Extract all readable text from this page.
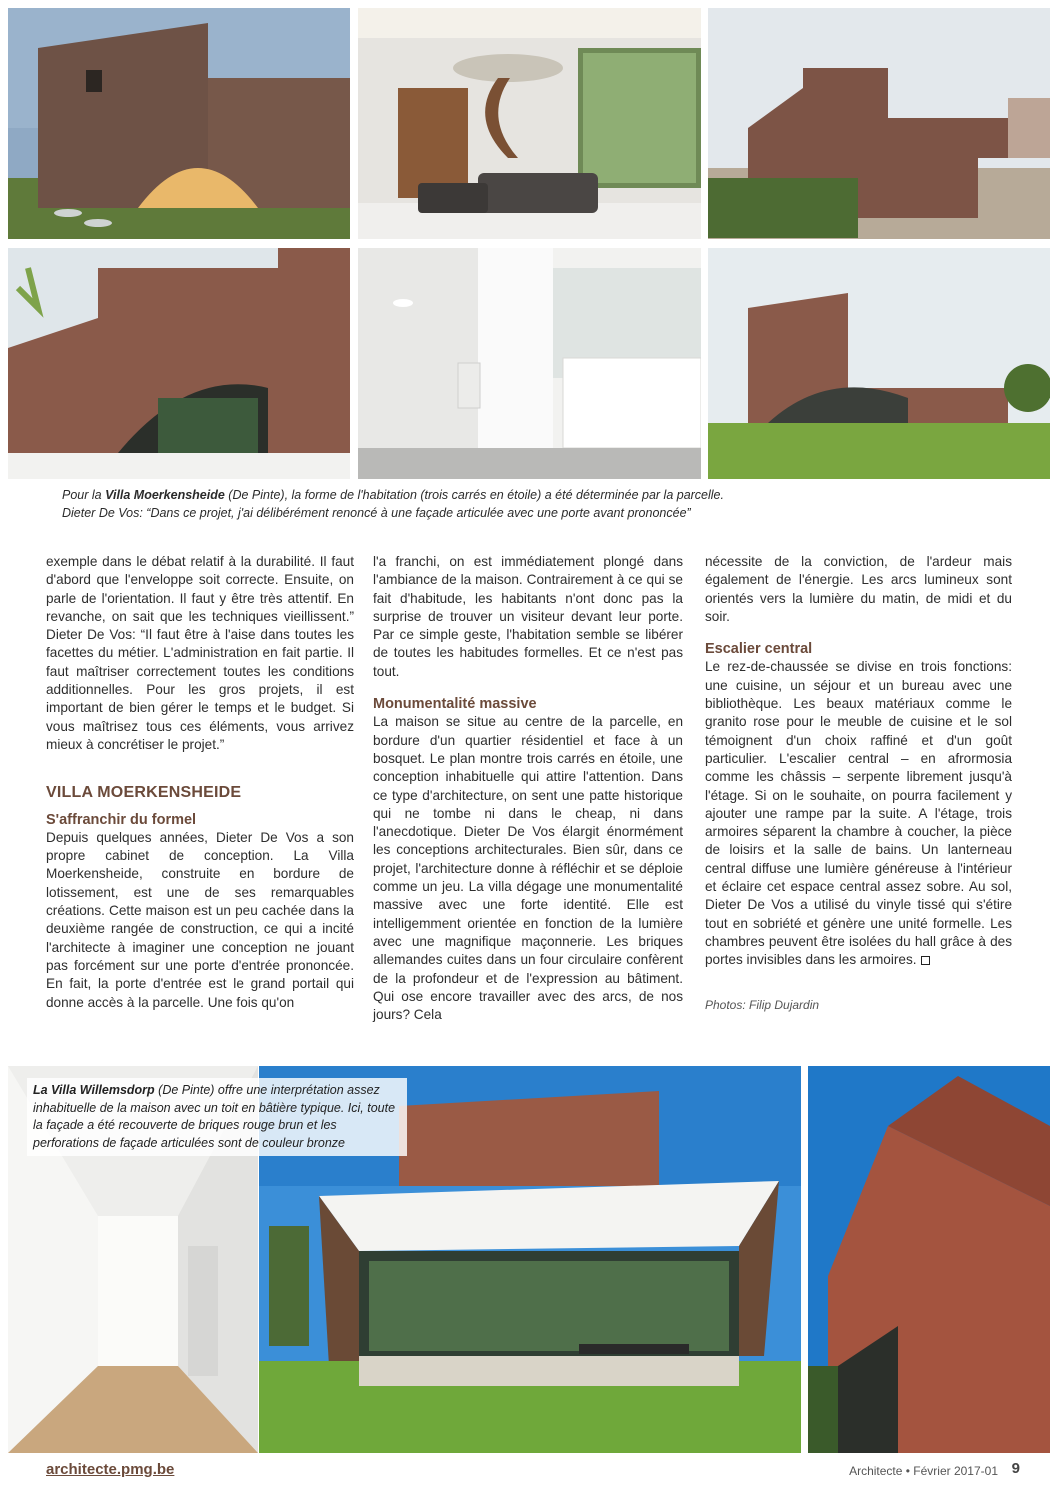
Pour la Villa Moerkensheide (De Pinte), la forme de l'habitation (trois carrés en étoile) a été déterminée par la parcelle.
Dieter De Vos: “Dans ce projet, j'ai délibérément renoncé à une façade articulée avec une porte avant prononcée”

exemple dans le débat relatif à la durabilité. Il faut d'abord que l'enveloppe soit correcte. Ensuite, on parle de l'orientation. Il faut y être très attentif. En revanche, on sait que les techniques vieillissent.” Dieter De Vos: “Il faut être à l'aise dans toutes les facettes du métier. L'administration en fait partie. Il faut maîtriser correctement toutes les conditions additionnelles. Pour les gros projets, il est important de bien gérer le temps et le budget. Si vous maîtrisez tous ces éléments, vous arrivez mieux à concrétiser le projet.”

VILLA MOERKENSHEIDE
S'affranchir du formel

Depuis quelques années, Dieter De Vos a son propre cabinet de conception. La Villa Moerkensheide, construite en bordure de lotissement, est une de ses remarquables créations. Cette maison est un peu cachée dans la deuxième rangée de construction, ce qui a incité l'architecte à imaginer une conception ne jouant pas forcément sur une porte d'entrée prononcée. En fait, la porte d'entrée est le grand portail qui donne accès à la parcelle. Une fois qu'on

l'a franchi, on est immédiatement plongé dans l'ambiance de la maison. Contrairement à ce qui se fait d'habitude, les habitants n'ont donc pas la surprise de trouver un visiteur devant leur porte. Par ce simple geste, l'habitation semble se libérer de toutes les habitudes formelles. Et ce n'est pas tout.

Monumentalité massive

La maison se situe au centre de la parcelle, en bordure d'un quartier résidentiel et face à un bosquet. Le plan montre trois carrés en étoile, une conception inhabituelle qui attire l'attention. Dans ce type d'architecture, on sent une patte historique qui ne tombe ni dans le cheap, ni dans l'anecdotique. Dieter De Vos élargit énormément les conceptions architecturales. Bien sûr, dans ce projet, l'architecture donne à réfléchir et se déploie comme un jeu. La villa dégage une monumentalité massive avec une forte identité. Elle est intelligemment orientée en fonction de la lumière avec une magnifique maçonnerie. Les briques allemandes cuites dans un four circulaire confèrent de la profondeur et de l'expression au bâtiment. Qui ose encore travailler avec des arcs, de nos jours? Cela

nécessite de la conviction, de l'ardeur mais également de l'énergie. Les arcs lumineux sont orientés vers la lumière du matin, de midi et du soir.

Escalier central

Le rez-de-chaussée se divise en trois fonctions: une cuisine, un séjour et un bureau avec une bibliothèque. Les beaux matériaux comme le granito rose pour le meuble de cuisine et le sol témoignent d'un choix raffiné et d'un goût particulier. L'escalier central – en afrormosia comme les châssis – serpente librement jusqu'à l'étage. Si on le souhaite, on pourra facilement y ajouter une rampe par la suite. A l'étage, trois armoires séparent la chambre à coucher, la pièce de loisirs et la salle de bains. Un lanterneau central diffuse une lumière généreuse à l'intérieur et éclaire cet espace central assez sobre. Au sol, Dieter De Vos a utilisé du vinyle tissé qui s'étire tout en sobriété et génère une unité formelle. Les chambres peuvent être isolées du hall grâce à des portes invisibles dans les armoires.

Photos: Filip Dujardin

La Villa Willemsdorp (De Pinte) offre une interprétation assez inhabituelle de la maison avec un toit en bâtière typique. Ici, toute la façade a été recouverte de briques rouge brun et les perforations de façade articulées sont de couleur bronze
architecte.pmg.be	Architecte • Février 2017-01 9
